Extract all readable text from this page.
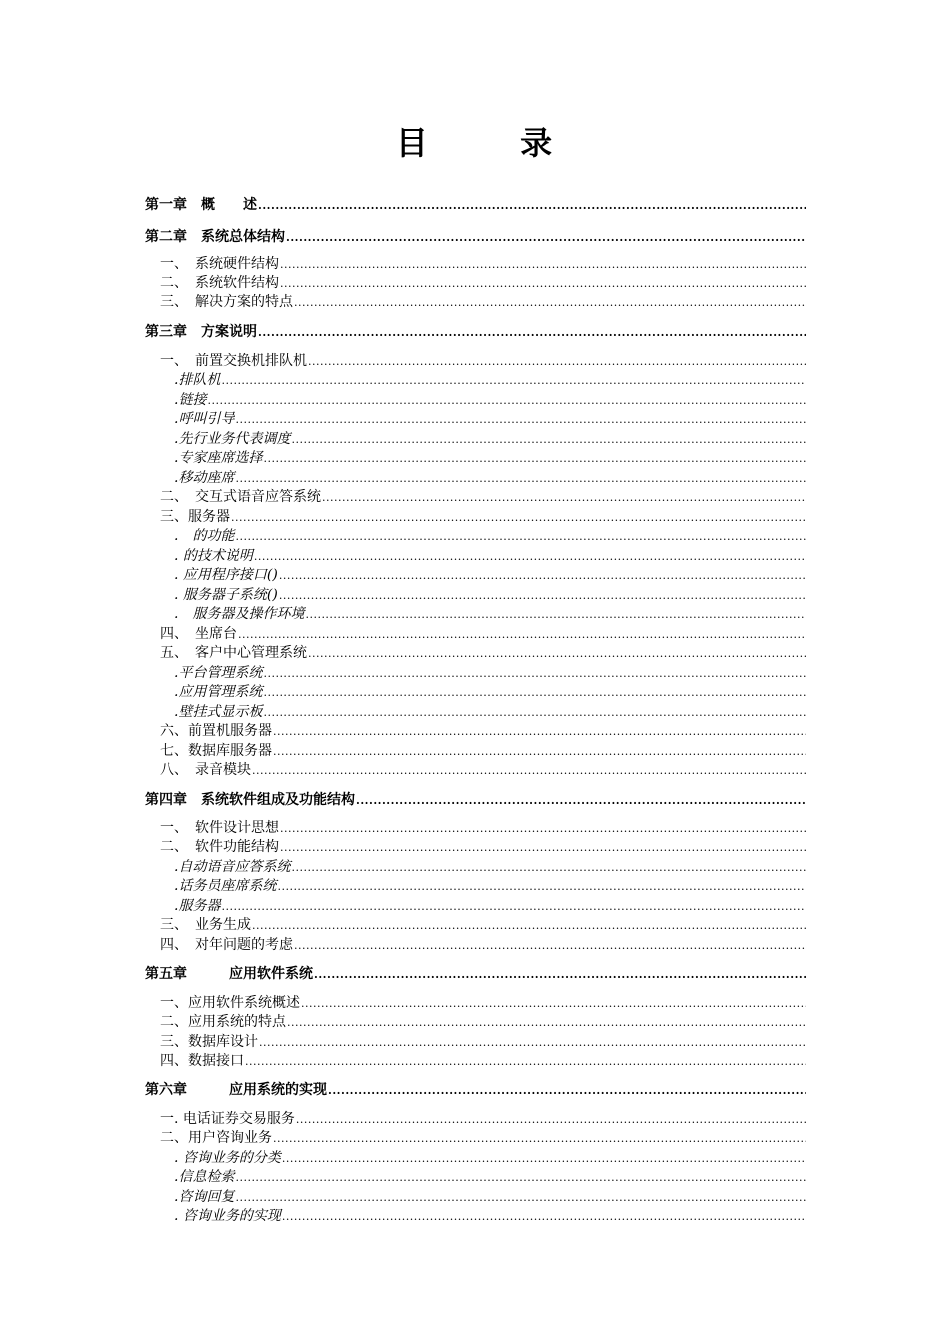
目	录
第一章　概　　述
.....
第二章　系统总体结构
.....
一、　系统硬件结构
.....
二、　系统软件结构
.....
三、　解决方案的特点
.....
第三章　方案说明
.....
一、　前置交换机排队机
.....
.排队机
.....
.链接
.....
.呼叫引导
.....
.先行业务代表调度
.....
.专家座席选择
.....
.移动座席
.....
二、　交互式语音应答系统
.....
三、服务器
.....
.　的功能
.....
. 的技术说明
.....
. 应用程序接口()
.....
. 服务器子系统()
.....
.　服务器及操作环境
.....
四、　坐席台
.....
五、　客户中心管理系统
.....
.平台管理系统
.....
.应用管理系统
.....
.壁挂式显示板
.....
六、前置机服务器
.....
七、数据库服务器
.....
八、　录音模块
.....
第四章　系统软件组成及功能结构
.....
一、　软件设计思想
.....
二、　软件功能结构
.....
.自动语音应答系统
.....
.话务员座席系统
.....
.服务器
.....
三、　业务生成
.....
四、　对年问题的考虑
.....
第五章　　　应用软件系统
.....
一、应用软件系统概述
.....
二、应用系统的特点
.....
三、数据库设计
.....
四、数据接口
.....
第六章　　　应用系统的实现
.....
一. 电话证券交易服务
.....
二、用户咨询业务
.....
. 咨询业务的分类
.....
.信息检索
.....
.咨询回复
.....
. 咨询业务的实现
.....
